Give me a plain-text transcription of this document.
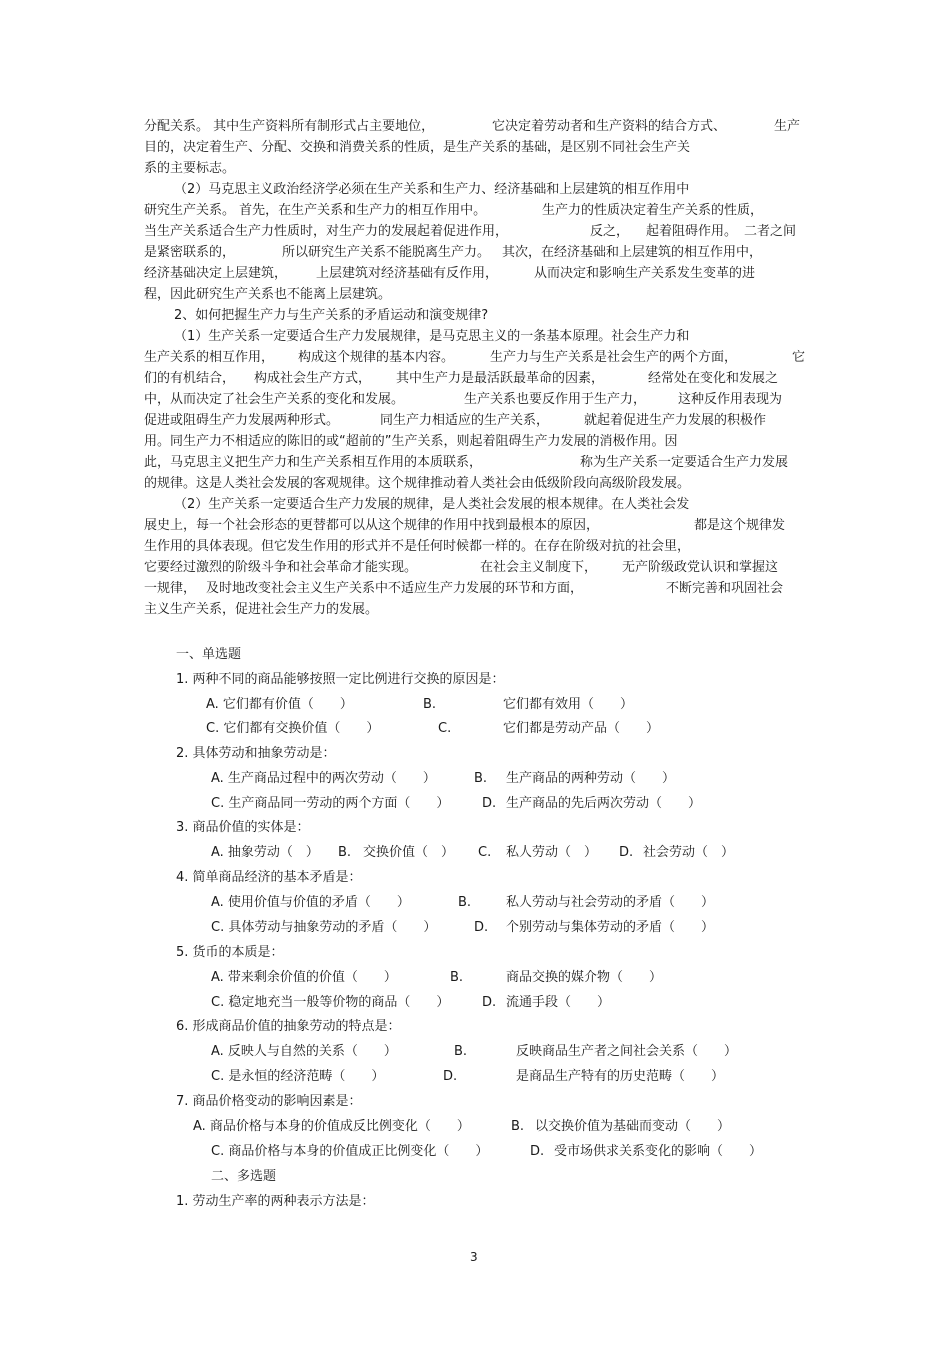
分配关系。 其中生产资料所有制形式占主要地位，	它决定着劳动者和生产资料的结合方式、	生产
目的，决定着生产、分配、交换和消费关系的性质，是生产关系的基础，是区别不同社会生产关
系的主要标志。
（2）马克思主义政治经济学必须在生产关系和生产力、经济基础和上层建筑的相互作用中
研究生产关系。 首先，在生产关系和生产力的相互作用中。	生产力的性质决定着生产关系的性质，
当生产关系适合生产力性质时，对生产力的发展起着促进作用，	反之， 起着阻碍作用。 二者之间
是紧密联系的，	所以研究生产关系不能脱离生产力。 其次，在经济基础和上层建筑的相互作用中，
经济基础决定上层建筑， 上层建筑对经济基础有反作用，	从而决定和影响生产关系发生变革的进
程，因此研究生产关系也不能离上层建筑。
2、如何把握生产力与生产关系的矛盾运动和演变规律?
（1）生产关系一定要适合生产力发展规律，是马克思主义的一条基本原理。社会生产力和
生产关系的相互作用， 构成这个规律的基本内容。	生产力与生产关系是社会生产的两个方面，	它
们的有机结合， 构成社会生产方式， 其中生产力是最活跃最革命的因素，	经常处在变化和发展之
中，从而决定了社会生产关系的变化和发展。	生产关系也要反作用于生产力， 这种反作用表现为
促进或阻碍生产力发展两种形式。	同生产力相适应的生产关系，	就起着促进生产力发展的积极作
用。同生产力不相适应的陈旧的或“超前的”生产关系，则起着阻碍生产力发展的消极作用。因
此，马克思主义把生产力和生产关系相互作用的本质联系，	称为生产关系一定要适合生产力发展
的规律。这是人类社会发展的客观规律。这个规律推动着人类社会由低级阶段向高级阶段发展。
（2）生产关系一定要适合生产力发展的规律，是人类社会发展的根本规律。在人类社会发
展史上，每一个社会形态的更替都可以从这个规律的作用中找到最根本的原因，	都是这个规律发
生作用的具体表现。但它发生作用的形式并不是任何时候都一样的。在存在阶级对抗的社会里，
它要经过激烈的阶级斗争和社会革命才能实现。	在社会主义制度下， 无产阶级政党认识和掌握这
一规律， 及时地改变社会主义生产关系中不适应生产力发展的环节和方面，	不断完善和巩固社会
主义生产关系，促进社会生产力的发展。
一、单选题
1. 两种不同的商品能够按照一定比例进行交换的原因是：
A. 它们都有价值（　　）	B.	它们都有效用（　　）
C. 它们都有交换价值（　　）	C.	它们都是劳动产品（　　）
2. 具体劳动和抽象劳动是：
A. 生产商品过程中的两次劳动（　　）	B. 生产商品的两种劳动（　　）
C. 生产商品同一劳动的两个方面（　　）	D. 生产商品的先后两次劳动（　　）
3. 商品价值的实体是：
A. 抽象劳动（　） B. 交换价值（　） C. 私人劳动（　） D. 社会劳动（　）
4. 简单商品经济的基本矛盾是：
A. 使用价值与价值的矛盾（　　）	B.	私人劳动与社会劳动的矛盾（　　）
C. 具体劳动与抽象劳动的矛盾（　　）	D. 个别劳动与集体劳动的矛盾（　　）
5. 货币的本质是：
A. 带来剩余价值的价值（　　）	B.	商品交换的媒介物（　　）
C. 稳定地充当一般等价物的商品（　　）	D. 流通手段（　　）
6. 形成商品价值的抽象劳动的特点是：
A. 反映人与自然的关系（　　）	B.	反映商品生产者之间社会关系（　　）
C. 是永恒的经济范畴（　　）	D.	是商品生产特有的历史范畴（　　）
7. 商品价格变动的影响因素是：
A. 商品价格与本身的价值成反比例变化（　　）	B. 以交换价值为基础而变动（　　）
C. 商品价格与本身的价值成正比例变化（　　）	D. 受市场供求关系变化的影响（　　）
二、多选题
1. 劳动生产率的两种表示方法是：
3
